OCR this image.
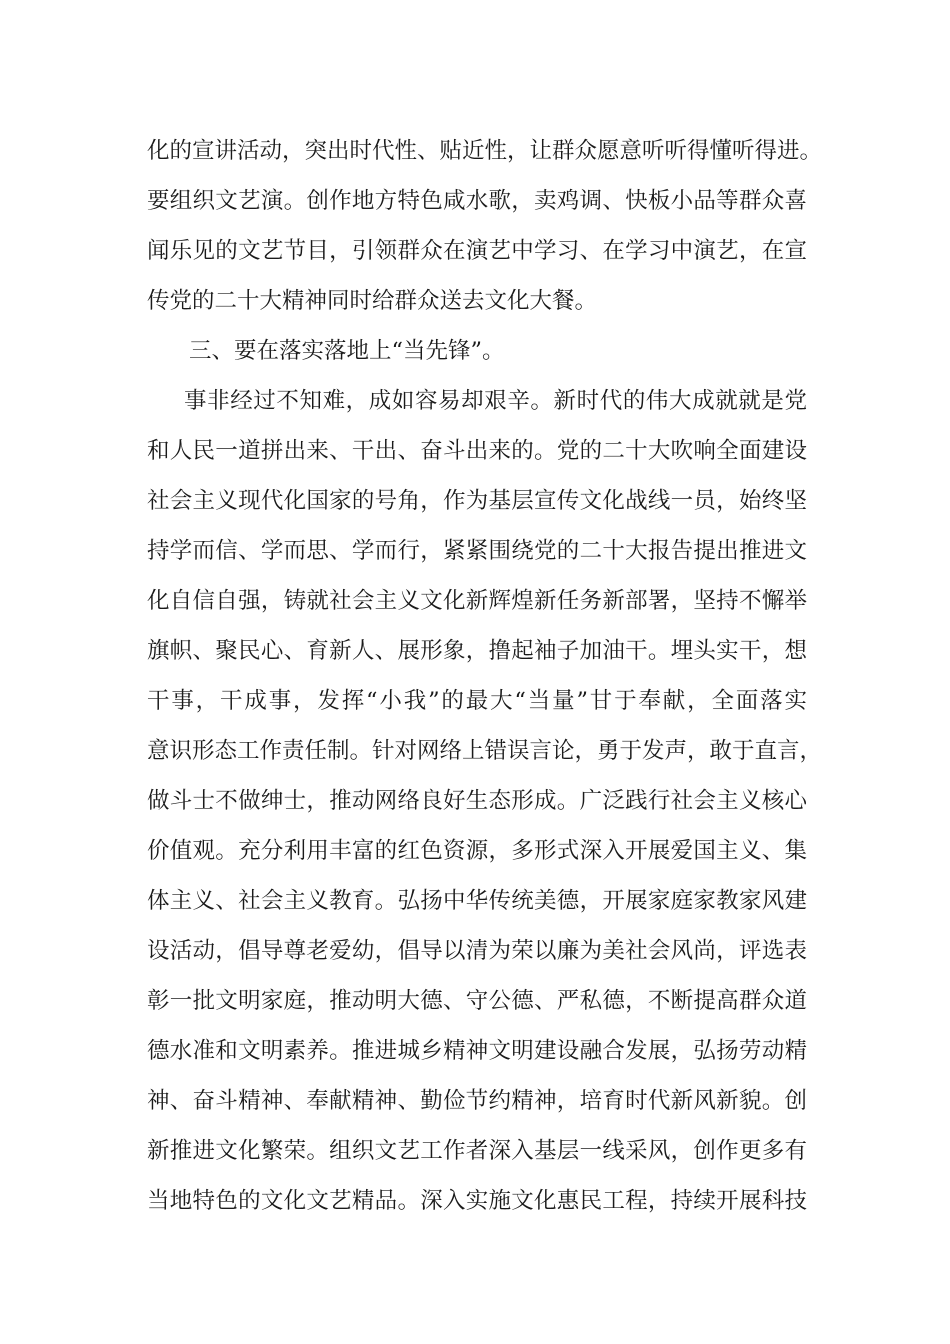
化的宣讲活动，突出时代性、贴近性，让群众愿意听听得懂听得进。
要组织文艺演。创作地方特色咸水歌，卖鸡调、快板小品等群众喜
闻乐见的文艺节目，引领群众在演艺中学习、在学习中演艺，在宣
传党的二十大精神同时给群众送去文化大餐。
三、要在落实落地上“当先锋”。
事非经过不知难，成如容易却艰辛。新时代的伟大成就就是党
和人民一道拼出来、干出、奋斗出来的。党的二十大吹响全面建设
社会主义现代化国家的号角，作为基层宣传文化战线一员，始终坚
持学而信、学而思、学而行，紧紧围绕党的二十大报告提出推进文
化自信自强，铸就社会主义文化新辉煌新任务新部署，坚持不懈举
旗帜、聚民心、育新人、展形象，撸起袖子加油干。埋头实干，想
干事，干成事，发挥“小我”的最大“当量”甘于奉献，全面落实
意识形态工作责任制。针对网络上错误言论，勇于发声，敢于直言，
做斗士不做绅士，推动网络良好生态形成。广泛践行社会主义核心
价值观。充分利用丰富的红色资源，多形式深入开展爱国主义、集
体主义、社会主义教育。弘扬中华传统美德，开展家庭家教家风建
设活动，倡导尊老爱幼，倡导以清为荣以廉为美社会风尚，评选表
彰一批文明家庭，推动明大德、守公德、严私德，不断提高群众道
德水准和文明素养。推进城乡精神文明建设融合发展，弘扬劳动精
神、奋斗精神、奉献精神、勤俭节约精神，培育时代新风新貌。创
新推进文化繁荣。组织文艺工作者深入基层一线采风，创作更多有
当地特色的文化文艺精品。深入实施文化惠民工程，持续开展科技
